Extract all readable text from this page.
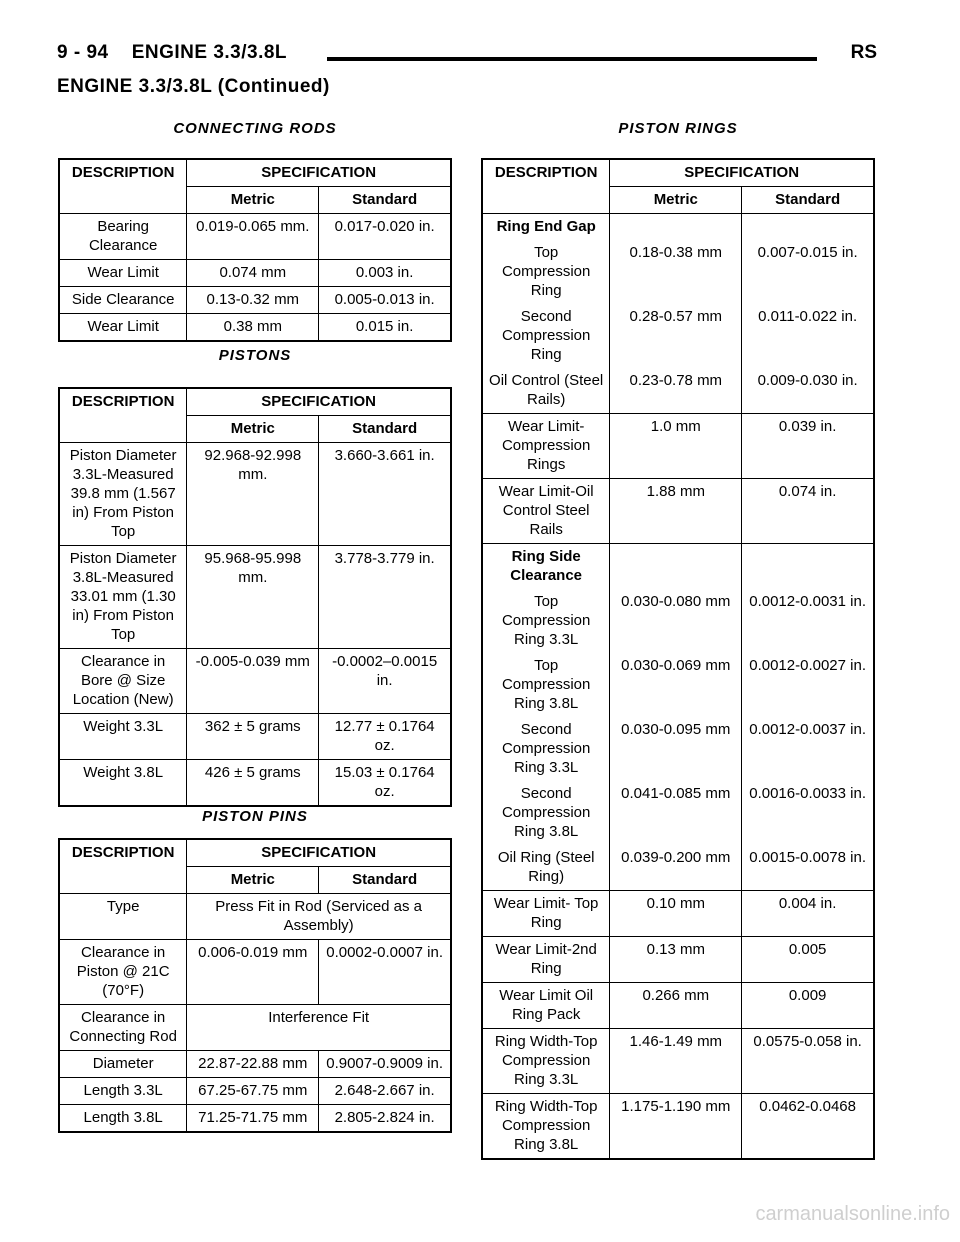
9 - 94    ENGINE 3.3/3.8L	RS
ENGINE 3.3/3.8L (Continued)
CONNECTING RODS
DESCRIPTION	SPECIFICATION	
	Metric	Standard
Bearing Clearance	0.019-0.065 mm.	0.017-0.020 in.
Wear Limit	0.074 mm	0.003 in.
Side Clearance	0.13-0.32 mm	0.005-0.013 in.
Wear Limit	0.38 mm	0.015 in.
PISTONS
DESCRIPTION	SPECIFICATION	
	Metric	Standard
Piston Diameter 3.3L-Measured 39.8 mm (1.567 in) From Piston Top	92.968-92.998 mm.	3.660-3.661 in.
Piston Diameter 3.8L-Measured 33.01 mm (1.30 in) From Piston Top	95.968-95.998 mm.	3.778-3.779 in.
Clearance in Bore @ Size Location (New)	-0.005-0.039 mm	-0.0002–0.0015 in.
Weight 3.3L	362 ± 5 grams	12.77 ± 0.1764 oz.
Weight 3.8L	426 ± 5 grams	15.03 ± 0.1764 oz.
PISTON PINS
DESCRIPTION	SPECIFICATION	
	Metric	Standard
Type	Press Fit in Rod (Serviced as a Assembly)	
Clearance in Piston @ 21C (70°F)	0.006-0.019 mm	0.0002-0.0007 in.
Clearance in Connecting Rod	Interference Fit	
Diameter	22.87-22.88 mm	0.9007-0.9009 in.
Length 3.3L	67.25-67.75 mm	2.648-2.667 in.
Length 3.8L	71.25-71.75 mm	2.805-2.824 in.
PISTON RINGS
DESCRIPTION	SPECIFICATION	
	Metric	Standard
Ring End Gap		
Top Compression Ring	0.18-0.38 mm	0.007-0.015 in.
Second Compression Ring	0.28-0.57 mm	0.011-0.022 in.
Oil Control (Steel Rails)	0.23-0.78 mm	0.009-0.030 in.
Wear Limit- Compression Rings	1.0 mm	0.039 in.
Wear Limit-Oil Control Steel Rails	1.88 mm	0.074 in.
Ring Side Clearance		
Top Compression Ring 3.3L	0.030-0.080 mm	0.0012-0.0031 in.
Top Compression Ring 3.8L	0.030-0.069 mm	0.0012-0.0027 in.
Second Compression Ring 3.3L	0.030-0.095 mm	0.0012-0.0037 in.
Second Compression Ring 3.8L	0.041-0.085 mm	0.0016-0.0033 in.
Oil Ring (Steel Ring)	0.039-0.200 mm	0.0015-0.0078 in.
Wear Limit- Top Ring	0.10 mm	0.004 in.
Wear Limit-2nd Ring	0.13 mm	0.005
Wear Limit Oil Ring Pack	0.266 mm	0.009
Ring Width-Top Compression Ring 3.3L	1.46-1.49 mm	0.0575-0.058 in.
Ring Width-Top Compression Ring 3.8L	1.175-1.190 mm	0.0462-0.0468
carmanualsonline.info
